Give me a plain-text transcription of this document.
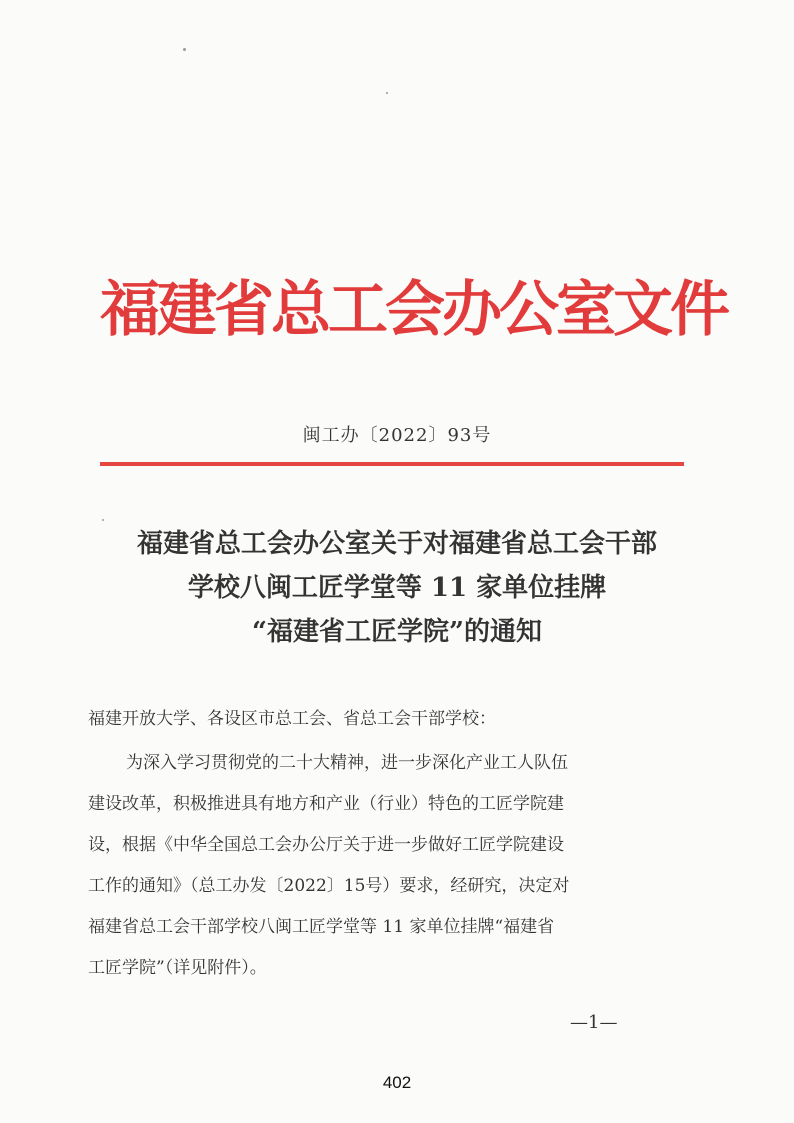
福建省总工会办公室文件
闽工办〔2022〕93号
福建省总工会办公室关于对福建省总工会干部
学校八闽工匠学堂等 11 家单位挂牌
“福建省工匠学院”的通知
福建开放大学、各设区市总工会、省总工会干部学校：
为深入学习贯彻党的二十大精神，进一步深化产业工人队伍
建设改革，积极推进具有地方和产业（行业）特色的工匠学院建
设，根据《中华全国总工会办公厅关于进一步做好工匠学院建设
工作的通知》（总工办发〔2022〕15号）要求，经研究，决定对
福建省总工会干部学校八闽工匠学堂等 11 家单位挂牌“福建省
工匠学院”（详见附件）。
—1—
402
